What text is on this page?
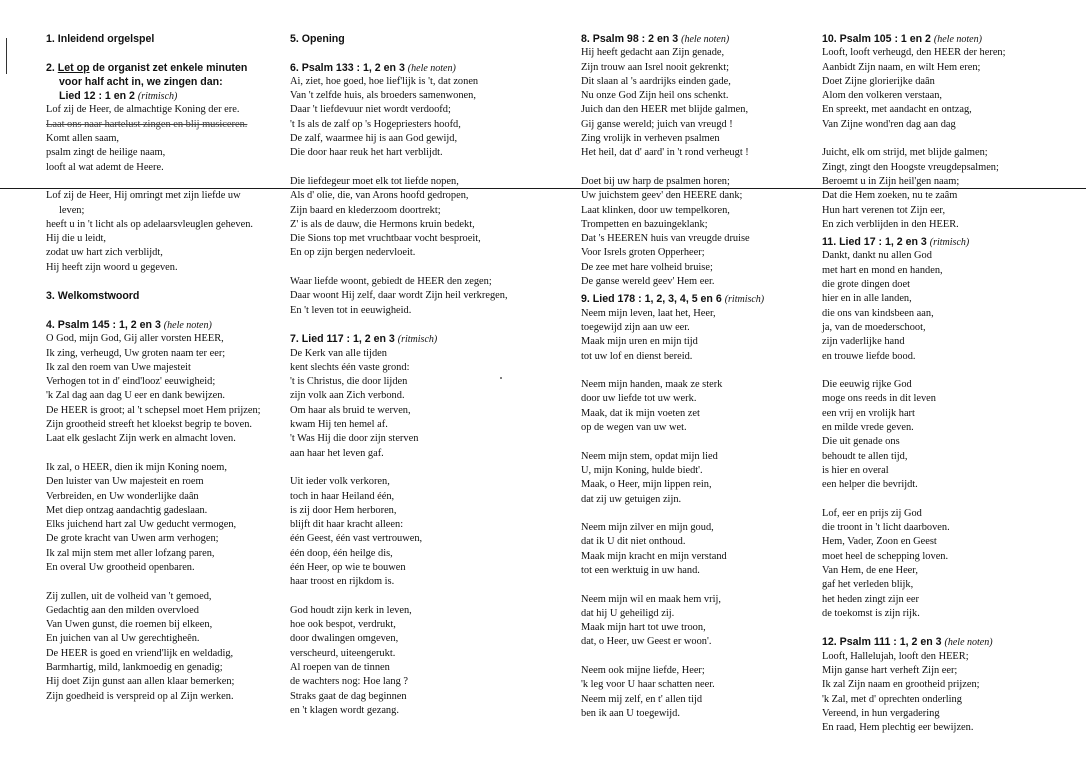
1. Inleidend orgelspel
2. Let op de organist zet enkele minuten
voor half acht in, we zingen dan:
Lied 12 : 1 en 2 (ritmisch)
Lof zij de Heer, de almachtige Koning der ere.
Laat ons naar hartelust zingen en blij musiceren.
Komt allen saam,
psalm zingt de heilige naam,
looft al wat ademt de Heere.
Lof zij de Heer, Hij omringt met zijn liefde uw
leven;
heeft u in 't licht als op adelaarsvleuglen geheven.
Hij die u leidt,
zodat uw hart zich verblijdt,
Hij heeft zijn woord u gegeven.
3. Welkomstwoord
4. Psalm 145 : 1, 2 en 3 (hele noten)
O God, mijn God, Gij aller vorsten HEER,
Ik zing, verheugd, Uw groten naam ter eer;
Ik zal den roem van Uwe majesteit
Verhogen tot in d' eind'looz' eeuwigheid;
'k Zal dag aan dag U eer en dank bewijzen.
De HEER is groot; al 't schepsel moet Hem prijzen;
Zijn grootheid streeft het kloekst begrip te boven.
Laat elk geslacht Zijn werk en almacht loven.
Ik zal, o HEER, dien ik mijn Koning noem,
Den luister van Uw majesteit en roem
Verbreiden, en Uw wonderlijke daân
Met diep ontzag aandachtig gadeslaan.
Elks juichend hart zal Uw geducht vermogen,
De grote kracht van Uwen arm verhogen;
Ik zal mijn stem met aller lofzang paren,
En overal Uw grootheid openbaren.
Zij zullen, uit de volheid van 't gemoed,
Gedachtig aan den milden overvloed
Van Uwen gunst, die roemen bij elkeen,
En juichen van al Uw gerechtigheên.
De HEER is goed en vriend'lijk en weldadig,
Barmhartig, mild, lankmoedig en genadig;
Hij doet Zijn gunst aan allen klaar bemerken;
Zijn goedheid is verspreid op al Zijn werken.
5. Opening
6. Psalm 133 : 1, 2 en 3 (hele noten)
Ai, ziet, hoe goed, hoe lief'lijk is 't, dat zonen
Van 't zelfde huis, als broeders samenwonen,
Daar 't liefdevuur niet wordt verdoofd;
't Is als de zalf op 's Hogepriesters hoofd,
De zalf, waarmee hij is aan God gewijd,
Die door haar reuk het hart verblijdt.
Die liefdegeur moet elk tot liefde nopen,
Als d' olie, die, van Arons hoofd gedropen,
Zijn baard en klederzoom doortrekt;
Z' is als de dauw, die Hermons kruin bedekt,
Die Sions top met vruchtbaar vocht besproeit,
En op zijn bergen nedervloeit.
Waar liefde woont, gebiedt de HEER den zegen;
Daar woont Hij zelf, daar wordt Zijn heil verkregen,
En 't leven tot in eeuwigheid.
7. Lied 117 : 1, 2 en 3 (ritmisch)
De Kerk van alle tijden
kent slechts één vaste grond:
't is Christus, die door lijden
zijn volk aan Zich verbond.
Om haar als bruid te werven,
kwam Hij ten hemel af.
't Was Hij die door zijn sterven
aan haar het leven gaf.
Uit ieder volk verkoren,
toch in haar Heiland één,
is zij door Hem herboren,
blijft dit haar kracht alleen:
één Geest, één vast vertrouwen,
één doop, één heilge dis,
één Heer, op wie te bouwen
haar troost en rijkdom is.
God houdt zijn kerk in leven,
hoe ook bespot, verdrukt,
door dwalingen omgeven,
verscheurd, uiteengerukt.
Al roepen van de tinnen
de wachters nog: Hoe lang ?
Straks gaat de dag beginnen
en 't klagen wordt gezang.
8. Psalm 98 : 2 en 3 (hele noten)
Hij heeft gedacht aan Zijn genade,
Zijn trouw aan Isrel nooit gekrenkt;
Dit slaan al 's aardrijks einden gade,
Nu onze God Zijn heil ons schenkt.
Juich dan den HEER met blijde galmen,
Gij ganse wereld; juich van vreugd !
Zing vrolijk in verheven psalmen
Het heil, dat d' aard' in 't rond verheugt !
Doet bij uw harp de psalmen horen;
Uw juichstem geev' den HEERE dank;
Laat klinken, door uw tempelkoren,
Trompetten en bazuingeklank;
Dat 's HEEREN huis van vreugde druise
Voor Isrels groten Opperheer;
De zee met hare volheid bruise;
De ganse wereld geev' Hem eer.
9. Lied 178 : 1, 2, 3, 4, 5 en 6 (ritmisch)
Neem mijn leven, laat het, Heer,
toegewijd zijn aan uw eer.
Maak mijn uren en mijn tijd
tot uw lof en dienst bereid.
Neem mijn handen, maak ze sterk
door uw liefde tot uw werk.
Maak, dat ik mijn voeten zet
op de wegen van uw wet.
Neem mijn stem, opdat mijn lied
U, mijn Koning, hulde biedt'.
Maak, o Heer, mijn lippen rein,
dat zij uw getuigen zijn.
Neem mijn zilver en mijn goud,
dat ik U dit niet onthoud.
Maak mijn kracht en mijn verstand
tot een werktuig in uw hand.
Neem mijn wil en maak hem vrij,
dat hij U geheiligd zij.
Maak mijn hart tot uwe troon,
dat, o Heer, uw Geest er woon'.
Neem ook mijne liefde, Heer;
'k leg voor U haar schatten neer.
Neem mij zelf, en t' allen tijd
ben ik aan U toegewijd.
10. Psalm 105 : 1 en 2 (hele noten)
Looft, looft verheugd, den HEER der heren;
Aanbidt Zijn naam, en wilt Hem eren;
Doet Zijne glorierijke daân
Alom den volkeren verstaan,
En spreekt, met aandacht en ontzag,
Van Zijne wond'ren dag aan dag
Juicht, elk om strijd, met blijde galmen;
Zingt, zingt den Hoogste vreugdepsalmen;
Beroemt u in Zijn heil'gen naam;
Dat die Hem zoeken, nu te zaâm
Hun hart verenen tot Zijn eer,
En zich verblijden in den HEER.
11. Lied 17 : 1, 2 en 3 (ritmisch)
Dankt, dankt nu allen God
met hart en mond en handen,
die grote dingen doet
hier en in alle landen,
die ons van kindsbeen aan,
ja, van de moederschoot,
zijn vaderlijke hand
en trouwe liefde bood.
Die eeuwig rijke God
moge ons reeds in dit leven
een vrij en vrolijk hart
en milde vrede geven.
Die uit genade ons
behoudt te allen tijd,
is hier en overal
een helper die bevrijdt.
Lof, eer en prijs zij God
die troont in 't licht daarboven.
Hem, Vader, Zoon en Geest
moet heel de schepping loven.
Van Hem, de ene Heer,
gaf het verleden blijk,
het heden zingt zijn eer
de toekomst is zijn rijk.
12. Psalm 111 : 1, 2 en 3 (hele noten)
Looft, Hallelujah, looft den HEER;
Mijn ganse hart verheft Zijn eer;
Ik zal Zijn naam en grootheid prijzen;
'k Zal, met d' oprechten onderling
Vereend, in hun vergadering
En raad, Hem plechtig eer bewijzen.
